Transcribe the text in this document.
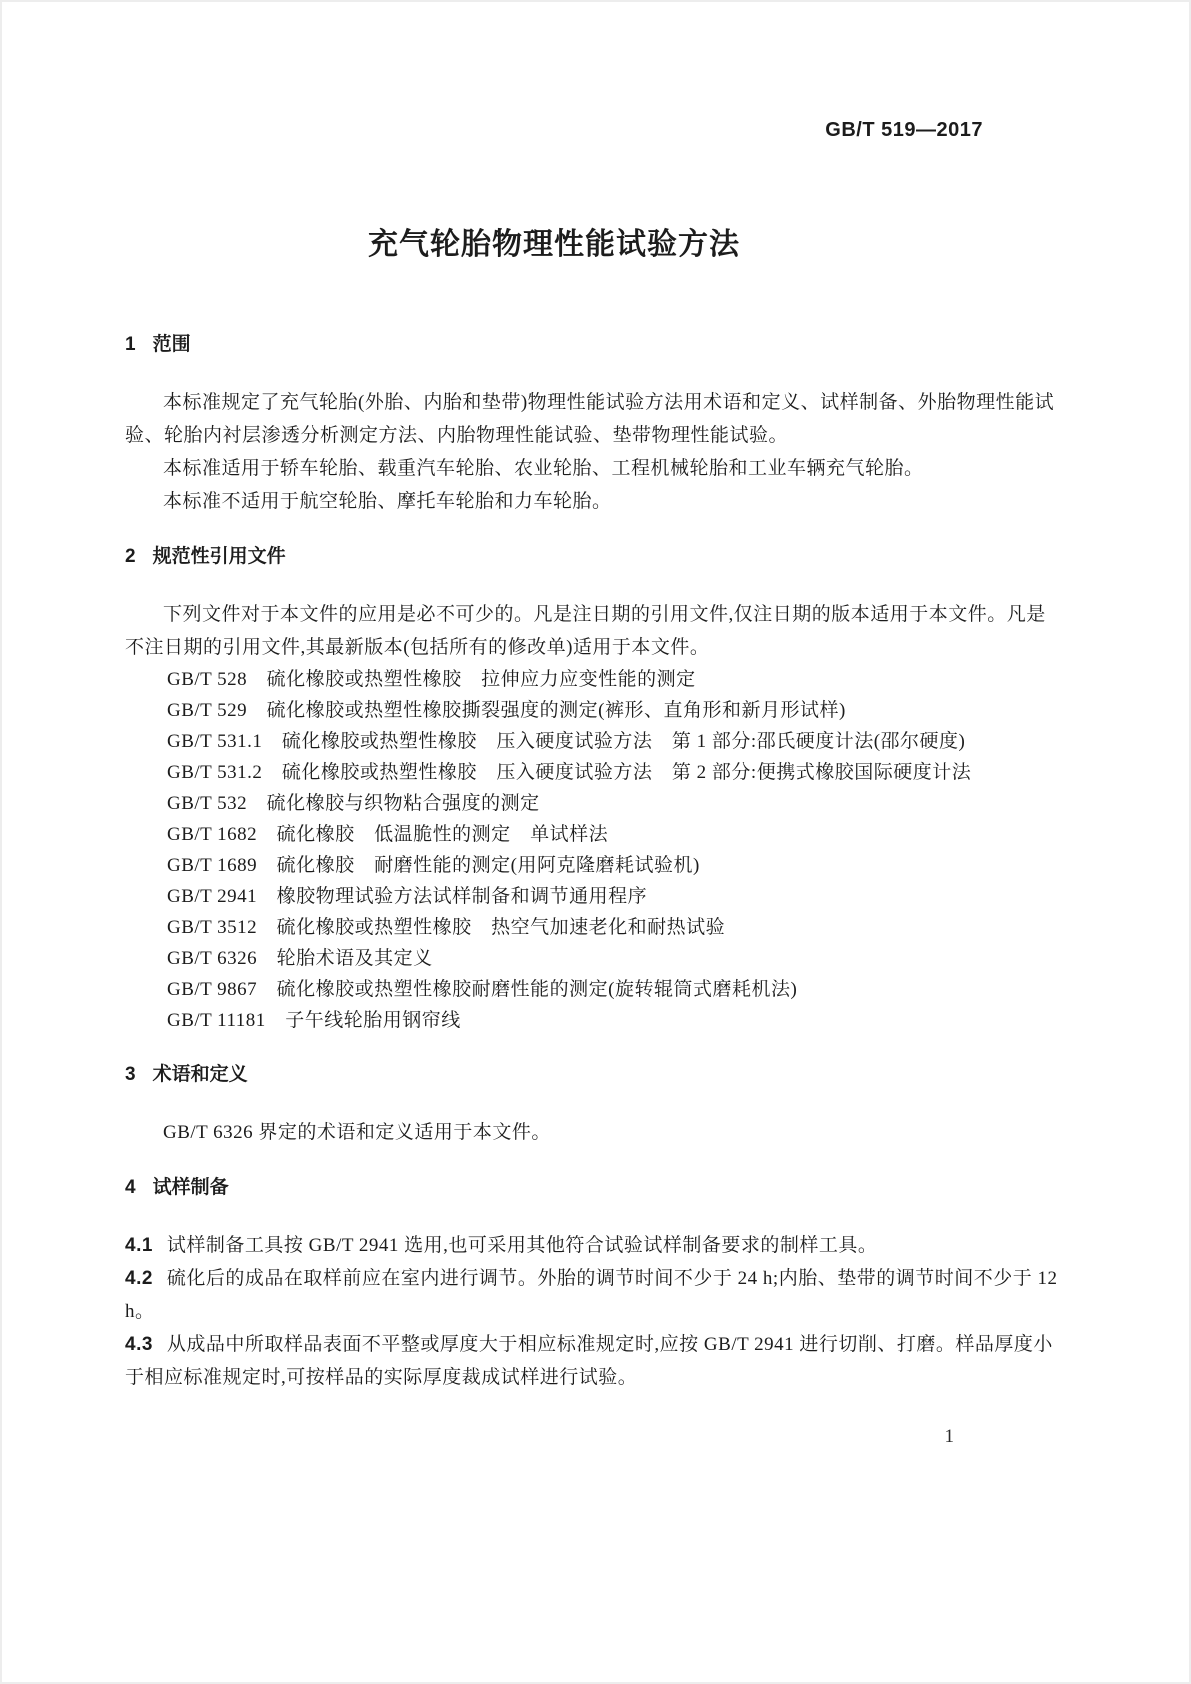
GB/T 519—2017
充气轮胎物理性能试验方法
1 范围

本标准规定了充气轮胎(外胎、内胎和垫带)物理性能试验方法用术语和定义、试样制备、外胎物理性能试验、轮胎内衬层渗透分析测定方法、内胎物理性能试验、垫带物理性能试验。

本标准适用于轿车轮胎、载重汽车轮胎、农业轮胎、工程机械轮胎和工业车辆充气轮胎。

本标准不适用于航空轮胎、摩托车轮胎和力车轮胎。

2 规范性引用文件

下列文件对于本文件的应用是必不可少的。凡是注日期的引用文件,仅注日期的版本适用于本文件。凡是不注日期的引用文件,其最新版本(包括所有的修改单)适用于本文件。

GB/T 528　硫化橡胶或热塑性橡胶　拉伸应力应变性能的测定
GB/T 529　硫化橡胶或热塑性橡胶撕裂强度的测定(裤形、直角形和新月形试样)
GB/T 531.1　硫化橡胶或热塑性橡胶　压入硬度试验方法　第 1 部分:邵氏硬度计法(邵尔硬度)
GB/T 531.2　硫化橡胶或热塑性橡胶　压入硬度试验方法　第 2 部分:便携式橡胶国际硬度计法
GB/T 532　硫化橡胶与织物粘合强度的测定
GB/T 1682　硫化橡胶　低温脆性的测定　单试样法
GB/T 1689　硫化橡胶　耐磨性能的测定(用阿克隆磨耗试验机)
GB/T 2941　橡胶物理试验方法试样制备和调节通用程序
GB/T 3512　硫化橡胶或热塑性橡胶　热空气加速老化和耐热试验
GB/T 6326　轮胎术语及其定义
GB/T 9867　硫化橡胶或热塑性橡胶耐磨性能的测定(旋转辊筒式磨耗机法)
GB/T 11181　子午线轮胎用钢帘线
3 术语和定义

GB/T 6326 界定的术语和定义适用于本文件。

4 试样制备

4.1 试样制备工具按 GB/T 2941 选用,也可采用其他符合试验试样制备要求的制样工具。

4.2 硫化后的成品在取样前应在室内进行调节。外胎的调节时间不少于 24 h;内胎、垫带的调节时间不少于 12 h。

4.3 从成品中所取样品表面不平整或厚度大于相应标准规定时,应按 GB/T 2941 进行切削、打磨。样品厚度小于相应标准规定时,可按样品的实际厚度裁成试样进行试验。

1
